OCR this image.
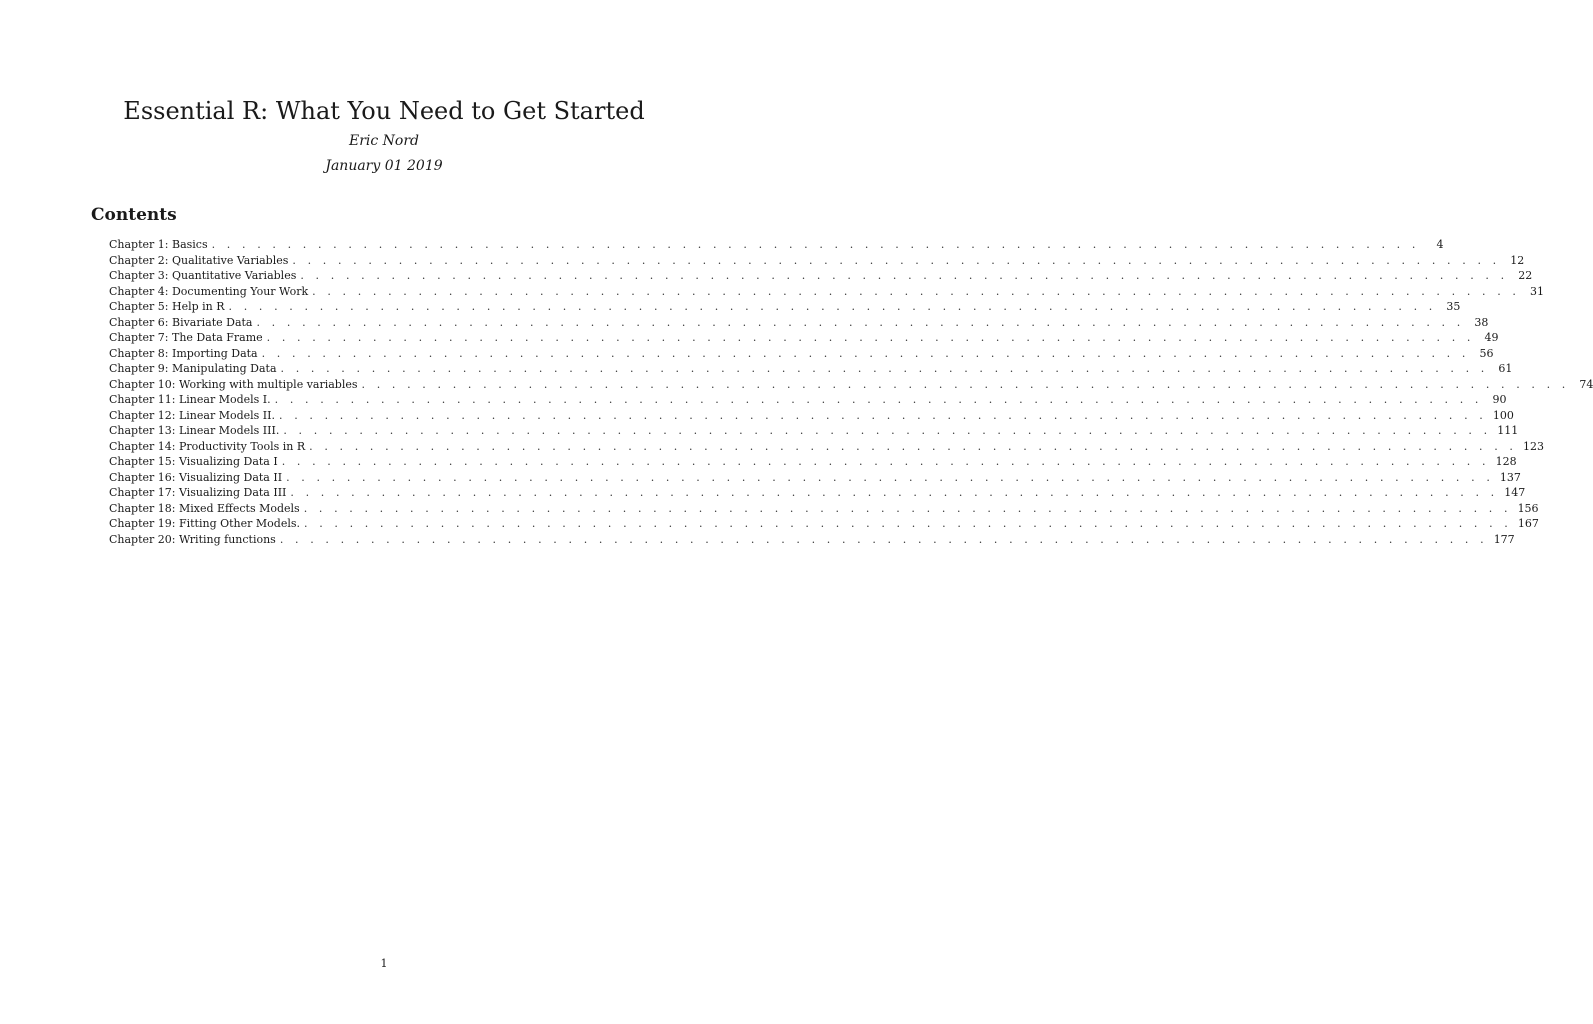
Essential R: What You Need to Get Started
Eric Nord
January 01 2019
Contents
Chapter 1: Basics . . . . . . . . . . . . . . . . . . . . . . . . . . . . . . . . . . . . . . . . . . . . . . . . . . . . . . . . . . . . . . . . . . . . . . . . . . . . . . . .	4
Chapter 2: Qualitative Variables . . . . . . . . . . . . . . . . . . . . . . . . . . . . . . . . . . . . . . . . . . . . . . . . . . . . . . . . . . . . . . . . . . . . . . . . . . . . . . . . 12
Chapter 3: Quantitative Variables . . . . . . . . . . . . . . . . . . . . . . . . . . . . . . . . . . . . . . . . . . . . . . . . . . . . . . . . . . . . . . . . . . . . . . . . . . . . . . . . 22
Chapter 4: Documenting Your Work . . . . . . . . . . . . . . . . . . . . . . . . . . . . . . . . . . . . . . . . . . . . . . . . . . . . . . . . . . . . . . . . . . . . . . . . . . . . . . . . 31
Chapter 5: Help in R . . . . . . . . . . . . . . . . . . . . . . . . . . . . . . . . . . . . . . . . . . . . . . . . . . . . . . . . . . . . . . . . . . . . . . . . . . . . . . . . 35
Chapter 6: Bivariate Data . . . . . . . . . . . . . . . . . . . . . . . . . . . . . . . . . . . . . . . . . . . . . . . . . . . . . . . . . . . . . . . . . . . . . . . . . . . . . . . . 38
Chapter 7: The Data Frame . . . . . . . . . . . . . . . . . . . . . . . . . . . . . . . . . . . . . . . . . . . . . . . . . . . . . . . . . . . . . . . . . . . . . . . . . . . . . . . . 49
Chapter 8: Importing Data . . . . . . . . . . . . . . . . . . . . . . . . . . . . . . . . . . . . . . . . . . . . . . . . . . . . . . . . . . . . . . . . . . . . . . . . . . . . . . . . 56
Chapter 9: Manipulating Data . . . . . . . . . . . . . . . . . . . . . . . . . . . . . . . . . . . . . . . . . . . . . . . . . . . . . . . . . . . . . . . . . . . . . . . . . . . . . . . . 61
Chapter 10: Working with multiple variables . . . . . . . . . . . . . . . . . . . . . . . . . . . . . . . . . . . . . . . . . . . . . . . . . . . . . . . . . . . . . . . . . . . . . . . . . . . . . . . . 74
Chapter 11: Linear Models I. . . . . . . . . . . . . . . . . . . . . . . . . . . . . . . . . . . . . . . . . . . . . . . . . . . . . . . . . . . . . . . . . . . . . . . . . . . . . . . . . 90
Chapter 12: Linear Models II. . . . . . . . . . . . . . . . . . . . . . . . . . . . . . . . . . . . . . . . . . . . . . . . . . . . . . . . . . . . . . . . . . . . . . . . . . . . . . . . . 100
Chapter 13: Linear Models III. . . . . . . . . . . . . . . . . . . . . . . . . . . . . . . . . . . . . . . . . . . . . . . . . . . . . . . . . . . . . . . . . . . . . . . . . . . . . . . . . 111
Chapter 14: Productivity Tools in R . . . . . . . . . . . . . . . . . . . . . . . . . . . . . . . . . . . . . . . . . . . . . . . . . . . . . . . . . . . . . . . . . . . . . . . . . . . . . . . . 123
Chapter 15: Visualizing Data I . . . . . . . . . . . . . . . . . . . . . . . . . . . . . . . . . . . . . . . . . . . . . . . . . . . . . . . . . . . . . . . . . . . . . . . . . . . . . . . . 128
Chapter 16: Visualizing Data II . . . . . . . . . . . . . . . . . . . . . . . . . . . . . . . . . . . . . . . . . . . . . . . . . . . . . . . . . . . . . . . . . . . . . . . . . . . . . . . . 137
Chapter 17: Visualizing Data III . . . . . . . . . . . . . . . . . . . . . . . . . . . . . . . . . . . . . . . . . . . . . . . . . . . . . . . . . . . . . . . . . . . . . . . . . . . . . . . . 147
Chapter 18: Mixed Effects Models . . . . . . . . . . . . . . . . . . . . . . . . . . . . . . . . . . . . . . . . . . . . . . . . . . . . . . . . . . . . . . . . . . . . . . . . . . . . . . . . 156
Chapter 19: Fitting Other Models. . . . . . . . . . . . . . . . . . . . . . . . . . . . . . . . . . . . . . . . . . . . . . . . . . . . . . . . . . . . . . . . . . . . . . . . . . . . . . . . . 167
Chapter 20: Writing functions . . . . . . . . . . . . . . . . . . . . . . . . . . . . . . . . . . . . . . . . . . . . . . . . . . . . . . . . . . . . . . . . . . . . . . . . . . . . . . . . 177
1
